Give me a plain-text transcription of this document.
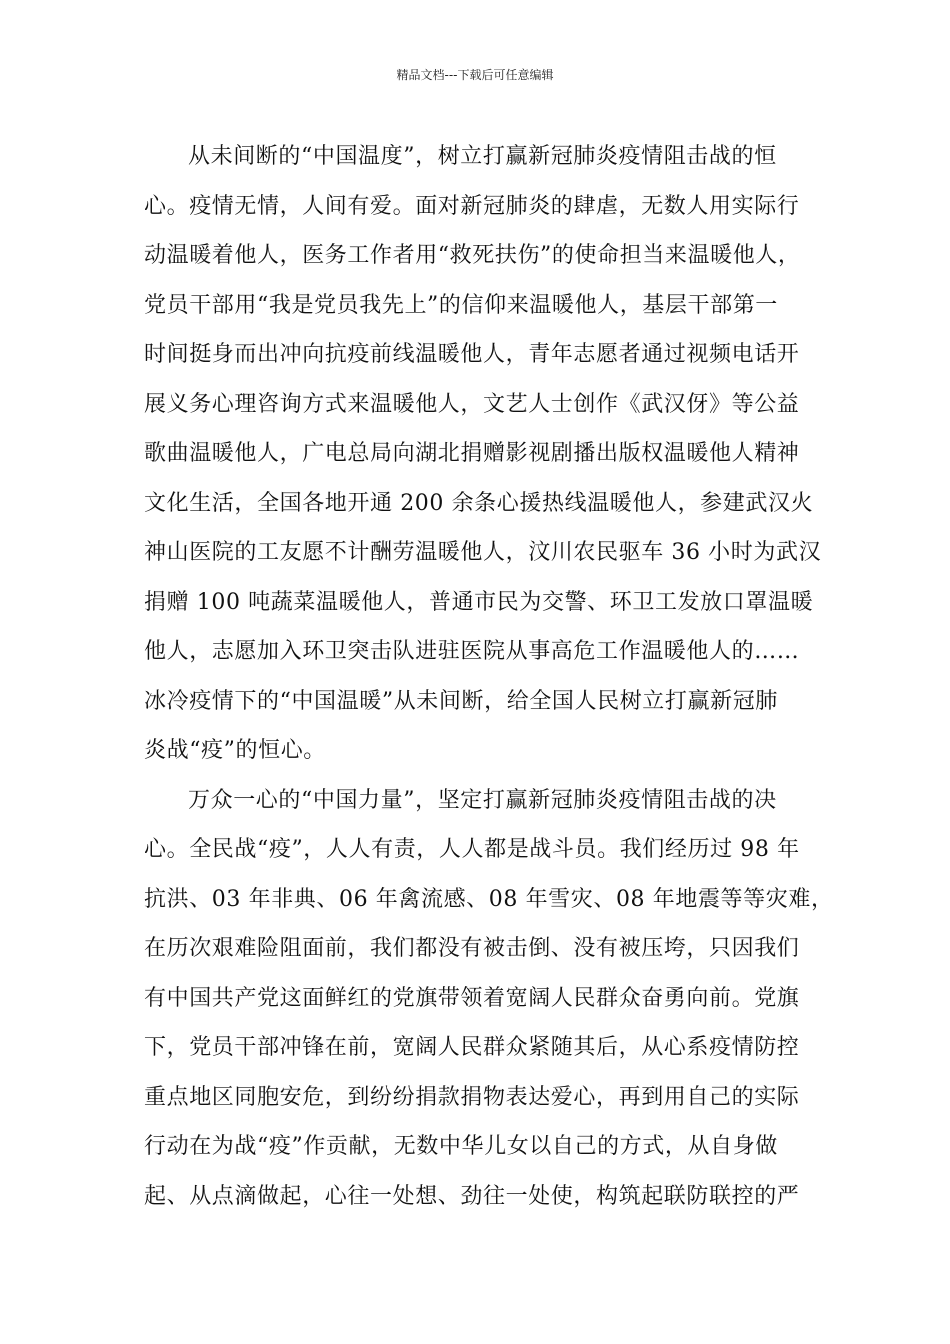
精品文档---下载后可任意编辑
从未间断的“中国温度”，树立打赢新冠肺炎疫情阻击战的恒
心。疫情无情，人间有爱。面对新冠肺炎的肆虐，无数人用实际行
动温暖着他人，医务工作者用“救死扶伤”的使命担当来温暖他人，
党员干部用“我是党员我先上”的信仰来温暖他人，基层干部第一
时间挺身而出冲向抗疫前线温暖他人，青年志愿者通过视频电话开
展义务心理咨询方式来温暖他人，文艺人士创作《武汉伢》等公益
歌曲温暖他人，广电总局向湖北捐赠影视剧播出版权温暖他人精神
文化生活，全国各地开通 200 余条心援热线温暖他人，参建武汉火
神山医院的工友愿不计酬劳温暖他人，汶川农民驱车 36 小时为武汉
捐赠 100 吨蔬菜温暖他人，普通市民为交警、环卫工发放口罩温暖
他人，志愿加入环卫突击队进驻医院从事高危工作温暖他人的……
冰冷疫情下的“中国温暖”从未间断，给全国人民树立打赢新冠肺
炎战“疫”的恒心。
万众一心的“中国力量”，坚定打赢新冠肺炎疫情阻击战的决
心。全民战“疫”，人人有责，人人都是战斗员。我们经历过 98 年
抗洪、03 年非典、06 年禽流感、08 年雪灾、08 年地震等等灾难，
在历次艰难险阻面前，我们都没有被击倒、没有被压垮，只因我们
有中国共产党这面鲜红的党旗带领着宽阔人民群众奋勇向前。党旗
下，党员干部冲锋在前，宽阔人民群众紧随其后，从心系疫情防控
重点地区同胞安危，到纷纷捐款捐物表达爱心，再到用自己的实际
行动在为战“疫”作贡献，无数中华儿女以自己的方式，从自身做
起、从点滴做起，心往一处想、劲往一处使，构筑起联防联控的严
